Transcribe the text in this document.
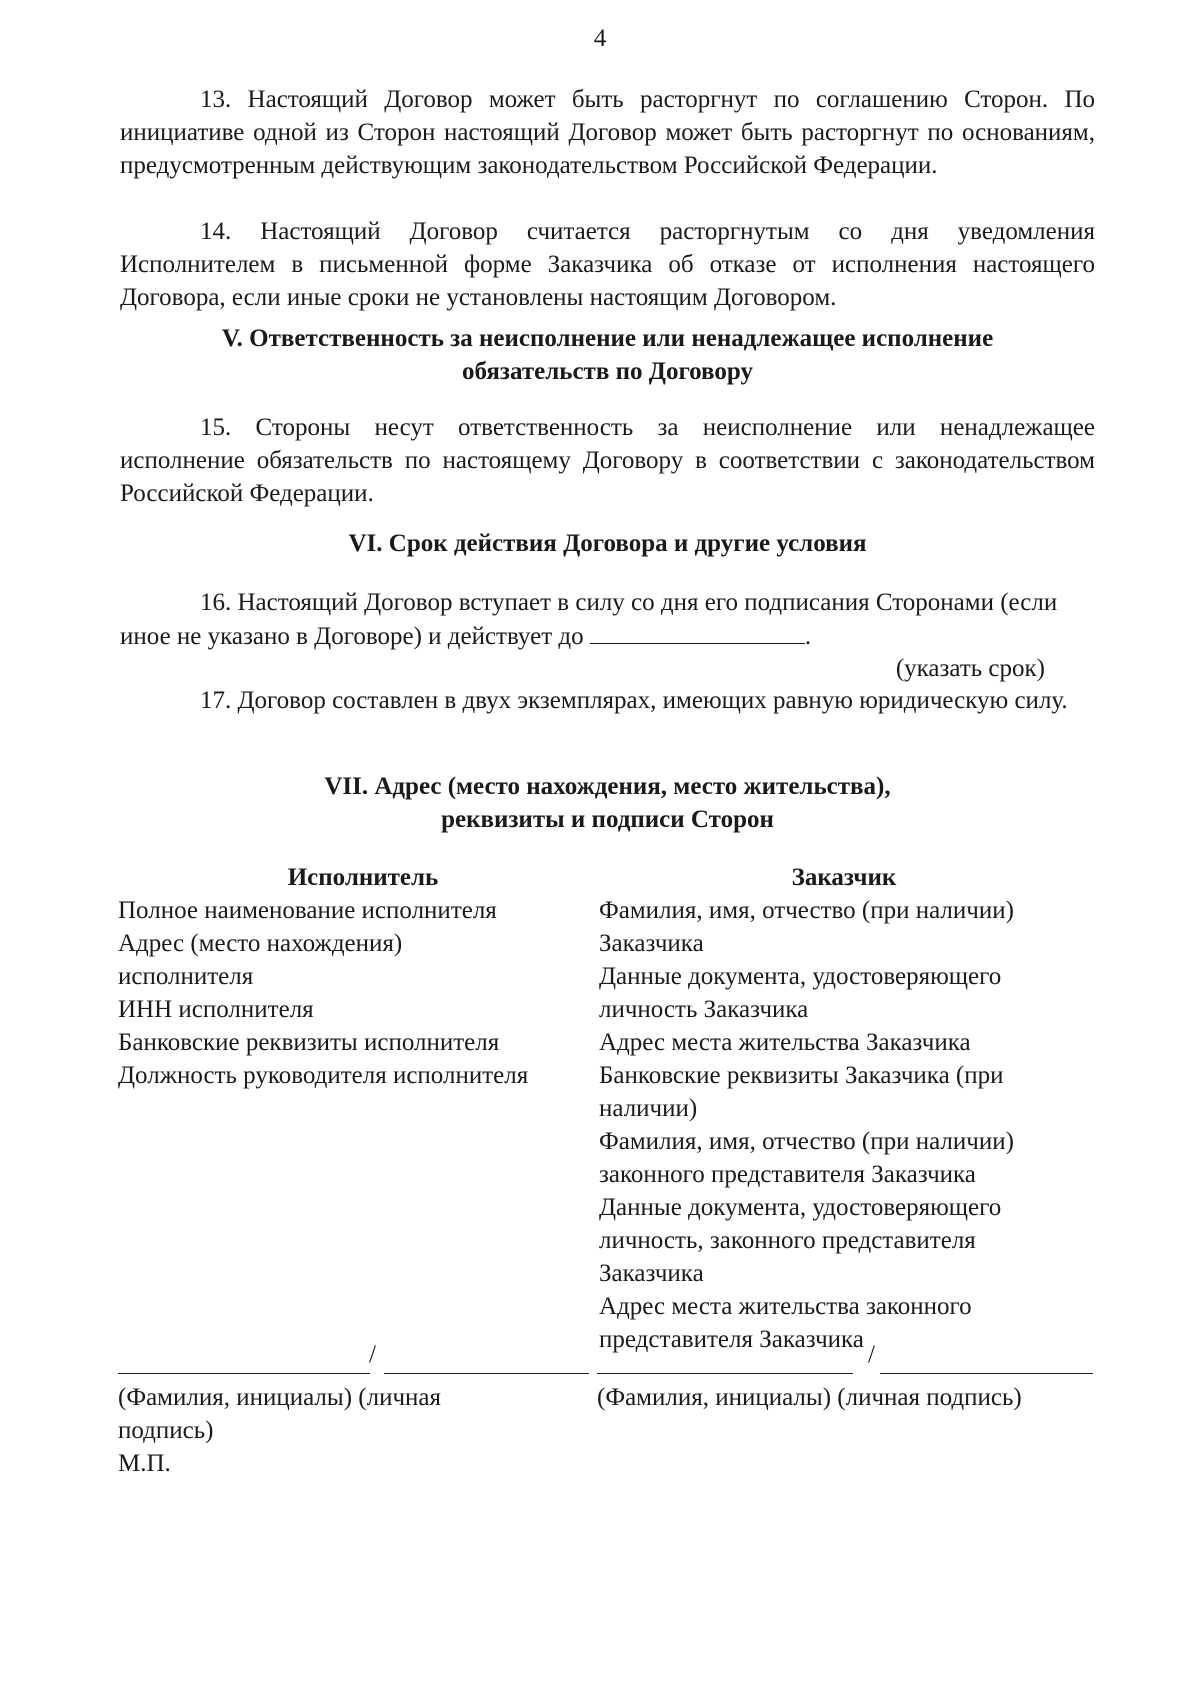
4

13. Настоящий Договор может быть расторгнут по соглашению Сторон. По инициативе одной из Сторон настоящий Договор может быть расторгнут по основаниям, предусмотренным действующим законодательством Российской Федерации.

14. Настоящий Договор считается расторгнутым со дня уведомления Исполнителем в письменной форме Заказчика об отказе от исполнения настоящего Договора, если иные сроки не установлены настоящим Договором.

V. Ответственность за неисполнение или ненадлежащее исполнение

обязательств по Договору

15. Стороны несут ответственность за неисполнение или ненадлежащее исполнение обязательств по настоящему Договору в соответствии с законодательством Российской Федерации.

VI. Срок действия Договора и другие условия

16. Настоящий Договор вступает в силу со дня его подписания Сторонами (если иное не указано в Договоре) и действует до	.

(указать срок)

17. Договор составлен в двух экземплярах, имеющих равную юридическую силу.

VII. Адрес (место нахождения, место жительства),

реквизиты и подписи Сторон

Исполнитель

Полное наименование исполнителя

Адрес (место нахождения)

исполнителя

ИНН исполнителя

Банковские реквизиты исполнителя

Должность руководителя исполнителя

Заказчик

Фамилия, имя, отчество (при наличии)

Заказчика

Данные документа, удостоверяющего

личность Заказчика

Адрес места жительства Заказчика

Банковские реквизиты Заказчика (при

наличии)

Фамилия, имя, отчество (при наличии)

законного представителя Заказчика

Данные документа, удостоверяющего

личность, законного представителя

Заказчика

Адрес места жительства законного

представителя Заказчика

/	/

(Фамилия, инициалы) (личная

подпись)

М.П.

(Фамилия, инициалы) (личная подпись)
